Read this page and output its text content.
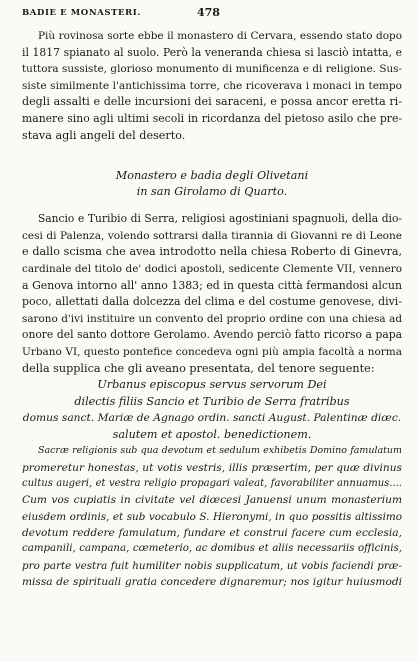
BADIE E MONASTERI.	478
Più rovinosa sorte ebbe il monastero di Cervara, essendo stato dopo
il 1817 spianato al suolo. Però la veneranda chiesa si lasciò intatta, e
tuttora sussiste, glorioso monumento di munificenza e di religione. Sus-
siste similmente l'antichissima torre, che ricoverava i monaci in tempo
degli assalti e delle incursioni dei saraceni, e possa ancor eretta ri-
manere sino agli ultimi secoli in ricordanza del pietoso asilo che pre-
stava agli angeli del deserto.
Monastero e badia degli Olivetani
in san Girolamo di Quarto.
Sancio e Turibio di Serra, religiosi agostiniani spagnuoli, della dio-
cesi di Palenza, volendo sottrarsi dalla tirannia di Giovanni re di Leone
e dallo scisma che avea introdotto nella chiesa Roberto di Ginevra,
cardinale del titolo de' dodici apostoli, sedicente Clemente VII, vennero
a Genova intorno all' anno 1383; ed in questa città fermandosi alcun
poco, allettati dalla dolcezza del clima e del costume genovese, divi-
sarono d'ivi instituire un convento del proprio ordine con una chiesa ad
onore del santo dottore Gerolamo. Avendo perciò fatto ricorso a papa
Urbano VI, questo pontefice concedeva ogni più ampia facoltà a norma
della supplica che gli aveano presentata, del tenore seguente:
Urbanus episcopus servus servorum Dei
dilectis filiis Sancio et Turibio de Serra fratribus
domus sanct. Mariæ de Agnago ordin. sancti August. Palentinæ diœc.
salutem et apostol. benedictionem.
Sacræ religionis sub qua devotum et sedulum exhibetis Domino famulatum
promeretur honestas, ut votis vestris, illis præsertim, per quæ divinus
cultus augeri, et vestra religio propagari valeat, favorabiliter annuamus....
Cum vos cupiatis in civitate vel diœcesi Januensi unum monasterium
eiusdem ordinis, et sub vocabulo S. Hieronymi, in quo possitis altissimo
devotum reddere famulatum, fundare et construi facere cum ecclesia,
campanili, campana, cœmeterio, ac domibus et aliis necessariis officinis,
pro parte vestra fuit humiliter nobis supplicatum, ut vobis faciendi præ-
missa de spirituali gratia concedere dignaremur; nos igitur huiusmodi
